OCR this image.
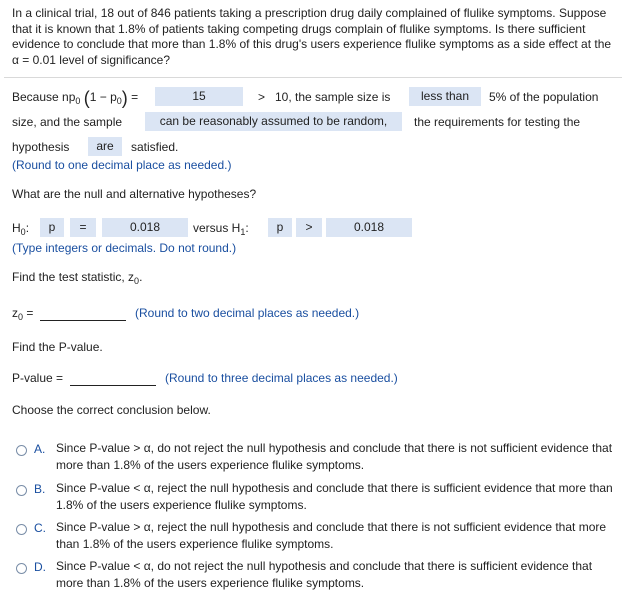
In a clinical trial, 18 out of 846 patients taking a prescription drug daily complained of flulike symptoms. Suppose that it is known that 1.8% of patients taking competing drugs complain of flulike symptoms. Is there sufficient evidence to conclude that more than 1.8% of this drug's users experience flulike symptoms as a side effect at the α = 0.01 level of significance?
Because $np_0$ $(1 - p_0)$ =	15	> 10, the sample size is	less than	5% of the population
size, and the sample	can be reasonably assumed to be random,	the requirements for testing the
hypothesis	are	satisfied.
(Round to one decimal place as needed.)
What are the null and alternative hypotheses?
$H_0$:	p	=	0.018	versus $H_1$:	p	>	0.018
(Type integers or decimals. Do not round.)
Find the test statistic, $z_0$.
$z_0$ =	(Round to two decimal places as needed.)
Find the P-value.
P-value =	(Round to three decimal places as needed.)
Choose the correct conclusion below.
A. Since P-value > α, do not reject the null hypothesis and conclude that there is not sufficient evidence that more than 1.8% of the users experience flulike symptoms.
B. Since P-value < α, reject the null hypothesis and conclude that there is sufficient evidence that more than 1.8% of the users experience flulike symptoms.
C. Since P-value > α, reject the null hypothesis and conclude that there is not sufficient evidence that more than 1.8% of the users experience flulike symptoms.
D. Since P-value < α, do not reject the null hypothesis and conclude that there is sufficient evidence that more than 1.8% of the users experience flulike symptoms.
